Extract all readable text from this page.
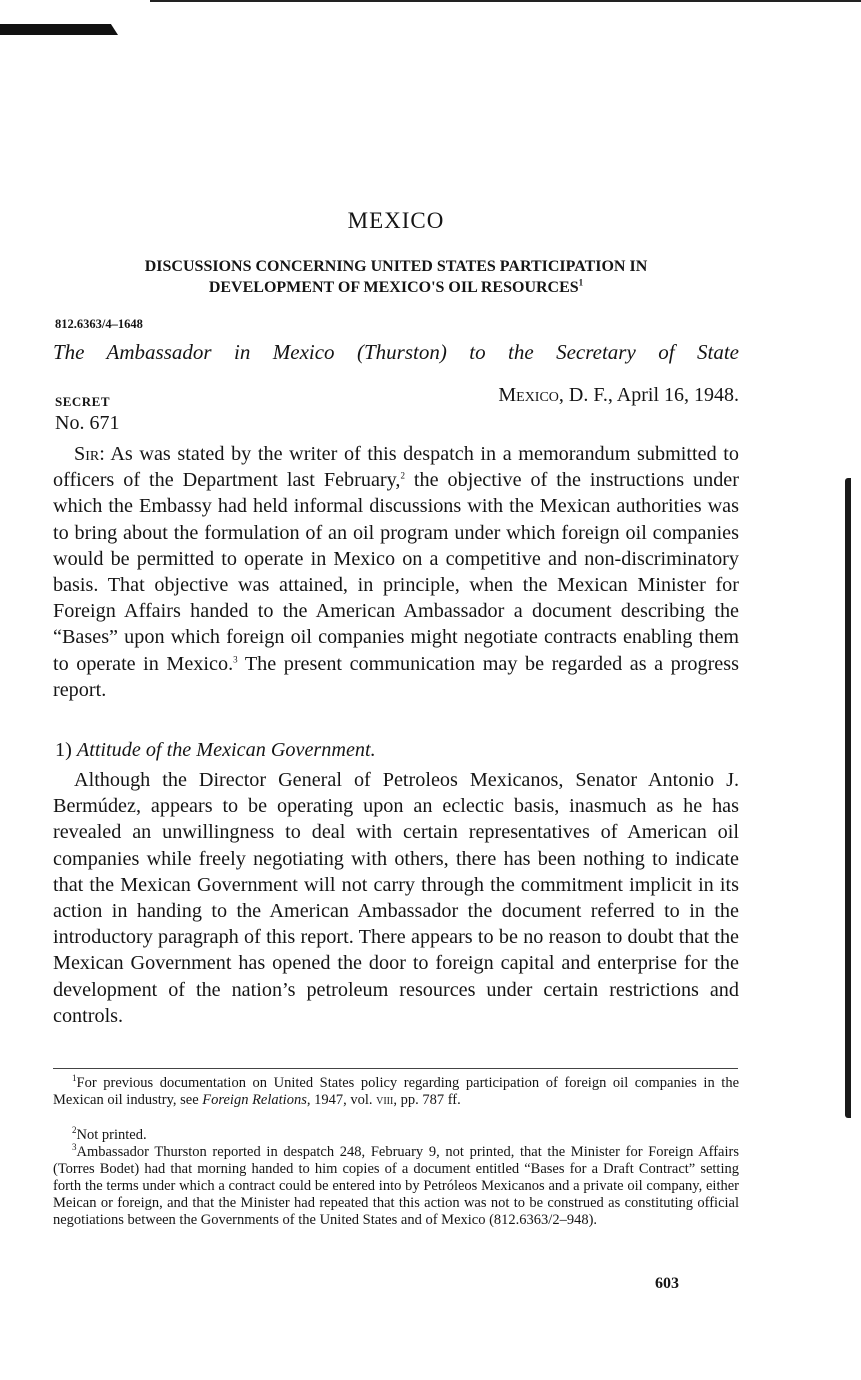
MEXICO
DISCUSSIONS CONCERNING UNITED STATES PARTICIPATION IN
DEVELOPMENT OF MEXICO'S OIL RESOURCES$^1$
812.6363/4–1648
The Ambassador in Mexico (Thurston) to the Secretary of State
SECRET	Mexico, D. F., April 16, 1948.
No. 671
Sir: As was stated by the writer of this despatch in a memorandum submitted to officers of the Department last February,$^2$ the objective of the instructions under which the Embassy had held informal discussions with the Mexican authorities was to bring about the formulation of an oil program under which foreign oil companies would be permitted to operate in Mexico on a competitive and non-discriminatory basis. That objective was attained, in principle, when the Mexican Minister for Foreign Affairs handed to the American Ambassador a document describing the “Bases” upon which foreign oil companies might negotiate contracts enabling them to operate in Mexico.$^3$ The present communication may be regarded as a progress report.
1) Attitude of the Mexican Government.
Although the Director General of Petroleos Mexicanos, Senator Antonio J. Bermúdez, appears to be operating upon an eclectic basis, inasmuch as he has revealed an unwillingness to deal with certain representatives of American oil companies while freely negotiating with others, there has been nothing to indicate that the Mexican Government will not carry through the commitment implicit in its action in handing to the American Ambassador the document referred to in the introductory paragraph of this report. There appears to be no reason to doubt that the Mexican Government has opened the door to foreign capital and enterprise for the development of the nation’s petroleum resources under certain restrictions and controls.
$^1$For previous documentation on United States policy regarding participation of foreign oil companies in the Mexican oil industry, see Foreign Relations, 1947, vol. viii, pp. 787 ff.
$^2$Not printed.
$^3$Ambassador Thurston reported in despatch 248, February 9, not printed, that the Minister for Foreign Affairs (Torres Bodet) had that morning handed to him copies of a document entitled “Bases for a Draft Contract” setting forth the terms under which a contract could be entered into by Petróleos Mexicanos and a private oil company, either Meican or foreign, and that the Minister had repeated that this action was not to be construed as constituting official negotiations between the Governments of the United States and of Mexico (812.6363/2–948).
603
